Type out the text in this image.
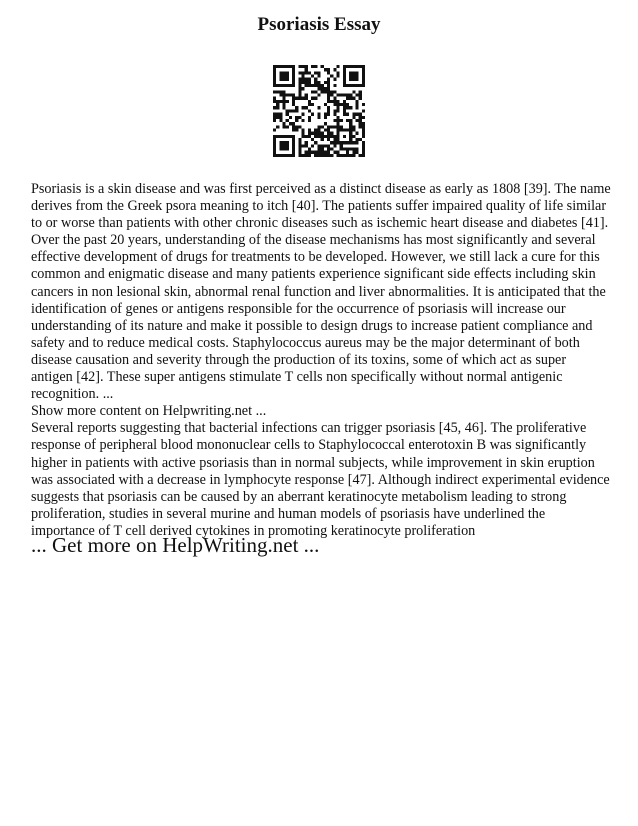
Psoriasis Essay

Psoriasis is a skin disease and was first perceived as a distinct disease as early as 1808 [39]. The name derives from the Greek psora meaning to itch [40]. The patients suffer impaired quality of life similar to or worse than patients with other chronic diseases such as ischemic heart disease and diabetes [41]. Over the past 20 years, understanding of the disease mechanisms has most significantly and several effective development of drugs for treatments to be developed. However, we still lack a cure for this common and enigmatic disease and many patients experience significant side effects including skin cancers in non lesional skin, abnormal renal function and liver abnormalities. It is anticipated that the identification of genes or antigens responsible for the occurrence of psoriasis will increase our understanding of its nature and make it possible to design drugs to increase patient compliance and safety and to reduce medical costs. Staphylococcus aureus may be the major determinant of both disease causation and severity through the production of its toxins, some of which act as super antigen [42]. These super antigens stimulate T cells non specifically without normal antigenic recognition. ...

Show more content on Helpwriting.net ...

Several reports suggesting that bacterial infections can trigger psoriasis [45, 46]. The proliferative response of peripheral blood mononuclear cells to Staphylococcal enterotoxin B was significantly higher in patients with active psoriasis than in normal subjects, while improvement in skin eruption was associated with a decrease in lymphocyte response [47]. Although indirect experimental evidence suggests that psoriasis can be caused by an aberrant keratinocyte metabolism leading to strong proliferation, studies in several murine and human models of psoriasis have underlined the importance of T cell derived cytokines in promoting keratinocyte proliferation

... Get more on HelpWriting.net ...
